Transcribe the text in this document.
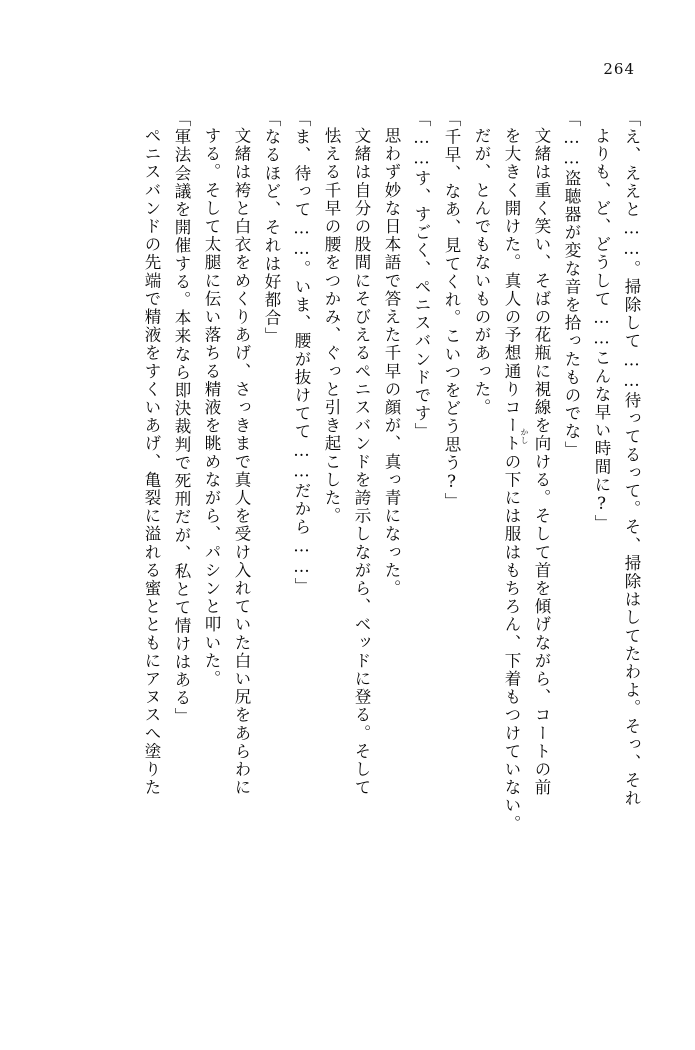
264
「え、ええと……。掃除して……待ってるって。そ、掃除はしてたわよ。そっ、それ
よりも、ど、どうして……こんな早い時間に?」
「……盗聴器が変な音を拾ったものでな」
文緒は重く笑い、そばの花瓶に視線を向ける。そして首を傾げながら、コートの前
を大きく開けた。真人の予想通りコートの下には服はもちろん、下着もつけていない。
だが、とんでもないものがあった。
「千早、なあ、見てくれ。こいつをどう思う?」
「……す、すごく、ペニスバンドです」
思わず妙な日本語で答えた千早の顔が、真っ青になった。
文緒は自分の股間にそびえるペニスバンドを誇示しながら、ベッドに登る。そして
怯える千早の腰をつかみ、ぐっと引き起こした。
「ま、待って……。いま、腰が抜けてて……だから……」
「なるほど、それは好都合」
文緒は袴と白衣をめくりあげ、さっきまで真人を受け入れていた白い尻をあらわに
する。そして太腿に伝い落ちる精液を眺めながら、パシンと叩いた。
「軍法会議を開催する。本来なら即決裁判で死刑だが、私とて情けはある」
ペニスバンドの先端で精液をすくいあげ、亀裂に溢れる蜜とともにアヌスへ塗りた	かし
